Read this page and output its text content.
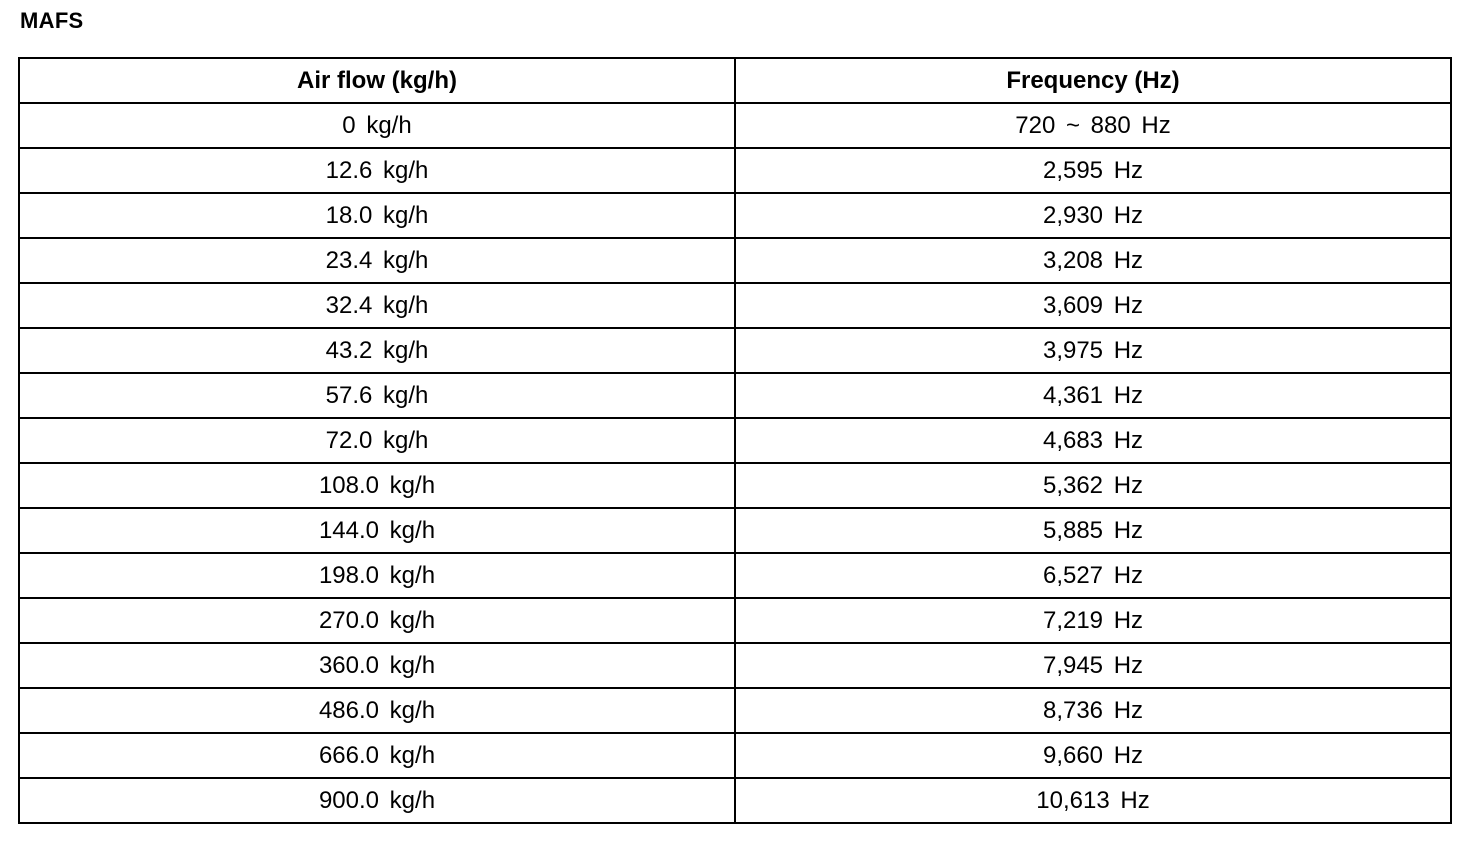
MAFS
Air flow (kg/h)	Frequency (Hz)
0 kg/h	720 ~ 880 Hz
12.6 kg/h	2,595 Hz
18.0 kg/h	2,930 Hz
23.4 kg/h	3,208 Hz
32.4 kg/h	3,609 Hz
43.2 kg/h	3,975 Hz
57.6 kg/h	4,361 Hz
72.0 kg/h	4,683 Hz
108.0 kg/h	5,362 Hz
144.0 kg/h	5,885 Hz
198.0 kg/h	6,527 Hz
270.0 kg/h	7,219 Hz
360.0 kg/h	7,945 Hz
486.0 kg/h	8,736 Hz
666.0 kg/h	9,660 Hz
900.0 kg/h	10,613 Hz
